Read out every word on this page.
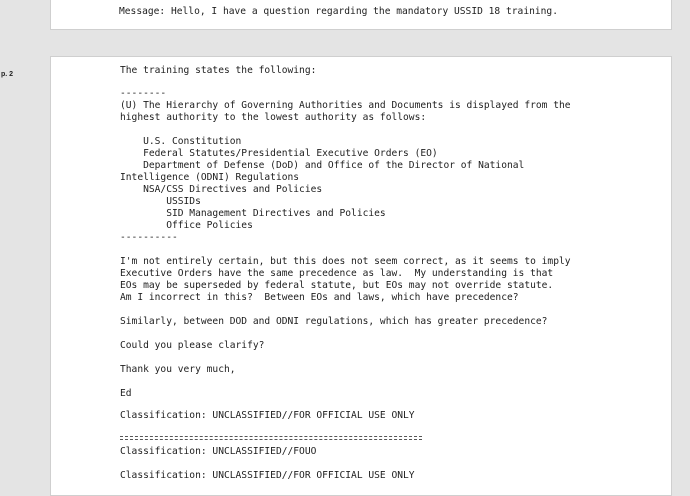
Message: Hello, I have a question regarding the mandatory USSID 18 training.
p. 2	The training states the following:
--------
(U) The Hierarchy of Governing Authorities and Documents is displayed from the
highest authority to the lowest authority as follows:
U.S. Constitution
Federal Statutes/Presidential Executive Orders (EO)
Department of Defense (DoD) and Office of the Director of National
Intelligence (ODNI) Regulations
NSA/CSS Directives and Policies
USSIDs
SID Management Directives and Policies
Office Policies
----------
I'm not entirely certain, but this does not seem correct, as it seems to imply
Executive Orders have the same precedence as law.  My understanding is that
EOs may be superseded by federal statute, but EOs may not override statute.
Am I incorrect in this?  Between EOs and laws, which have precedence?
Similarly, between DOD and ODNI regulations, which has greater precedence?
Could you please clarify?
Thank you very much,
Ed
Classification: UNCLASSIFIED//FOR OFFICIAL USE ONLY
Classification: UNCLASSIFIED//FOUO
Classification: UNCLASSIFIED//FOR OFFICIAL USE ONLY
